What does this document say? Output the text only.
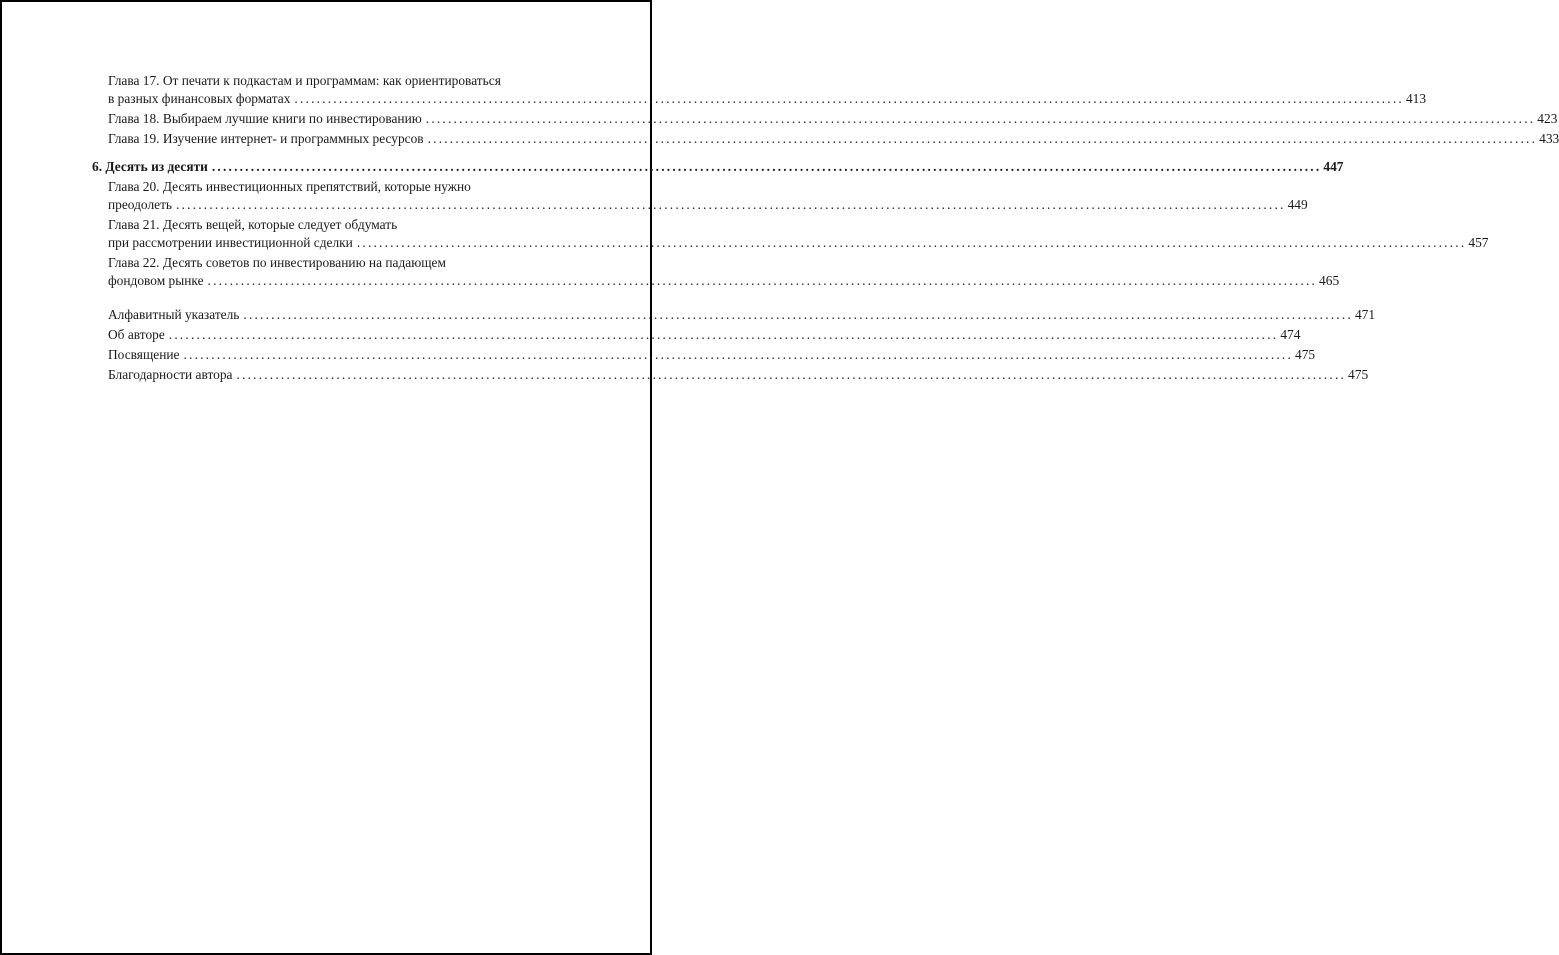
Глава 17. От печати к подкастам и программам: как ориентироваться
в разных финансовых форматах ........................................................................................................................................................................................................ 413
Глава 18. Выбираем лучшие книги по инвестированию ........................................................................................................................................................................................................ 423
Глава 19. Изучение интернет- и программных ресурсов ........................................................................................................................................................................................................ 433
6. Десять из десяти ........................................................................................................................................................................................................ 447
Глава 20. Десять инвестиционных препятствий, которые нужно
преодолеть ........................................................................................................................................................................................................ 449
Глава 21. Десять вещей, которые следует обдумать
при рассмотрении инвестиционной сделки ........................................................................................................................................................................................................ 457
Глава 22. Десять советов по инвестированию на падающем
фондовом рынке ........................................................................................................................................................................................................ 465
Алфавитный указатель ........................................................................................................................................................................................................ 471
Об авторе ........................................................................................................................................................................................................ 474
Посвящение ........................................................................................................................................................................................................ 475
Благодарности автора ........................................................................................................................................................................................................ 475
